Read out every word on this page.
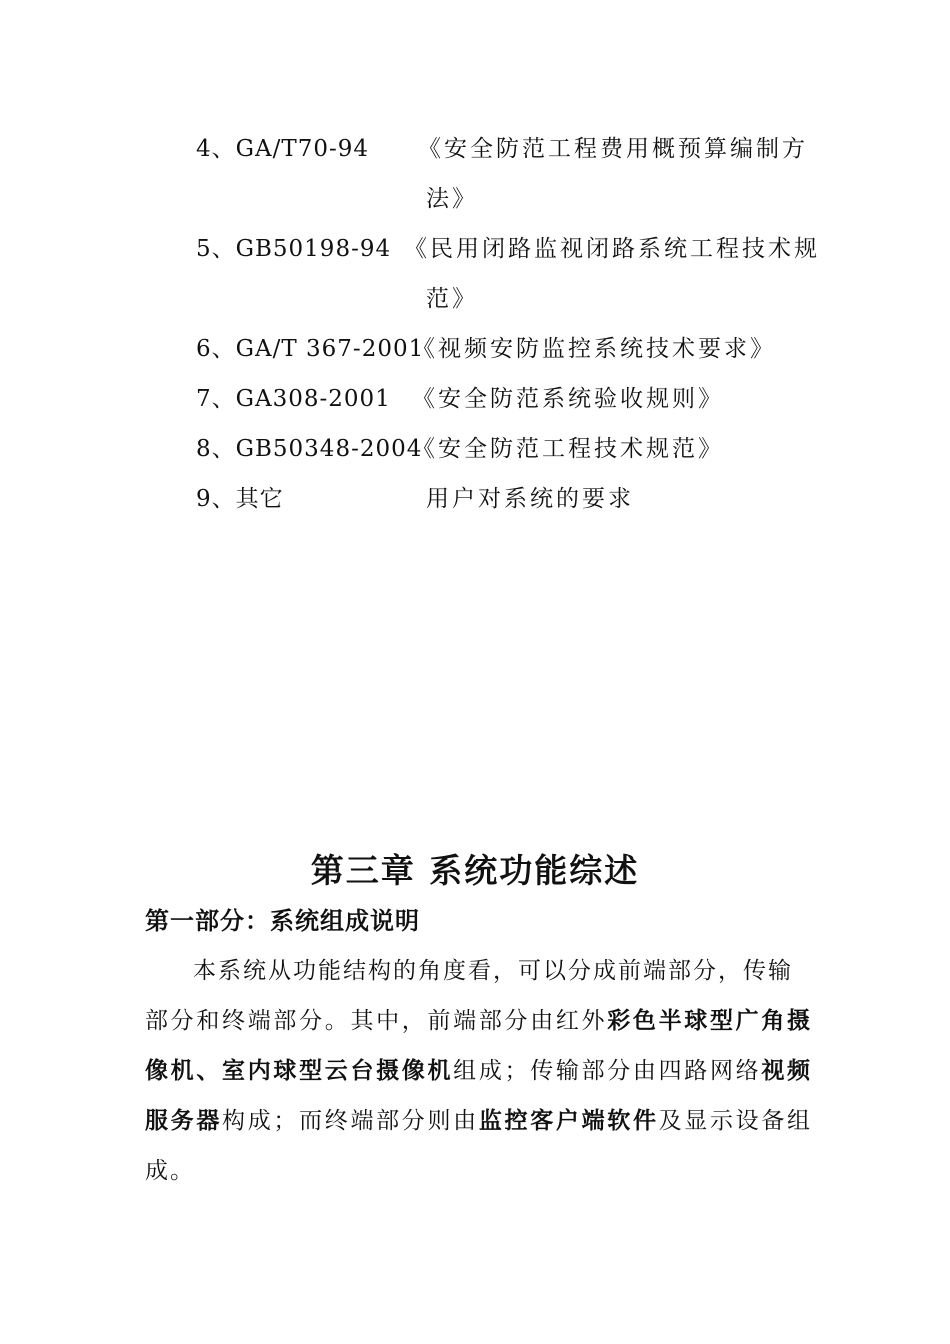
4、GA/T70-94 《安全防范工程费用概预算编制方
法》
5、GB50198-94 《民用闭路监视闭路系统工程技术规
范》
6、GA/T 367-2001
《视频安防监控系统技术要求》
7、GA308-2001 《安全防范系统验收规则》
8、GB50348-2004
《安全防范工程技术规范》
9、其它	用户对系统的要求
第三章 系统功能综述
第一部分：系统组成说明
本系统从功能结构的角度看，可以分成前端部分，传输
部分和终端部分。其中，前端部分由红外彩色半球型广角摄
像机、室内球型云台摄像机组成；传输部分由四路网络视频
服务器构成；而终端部分则由监控客户端软件及显示设备组
成。
